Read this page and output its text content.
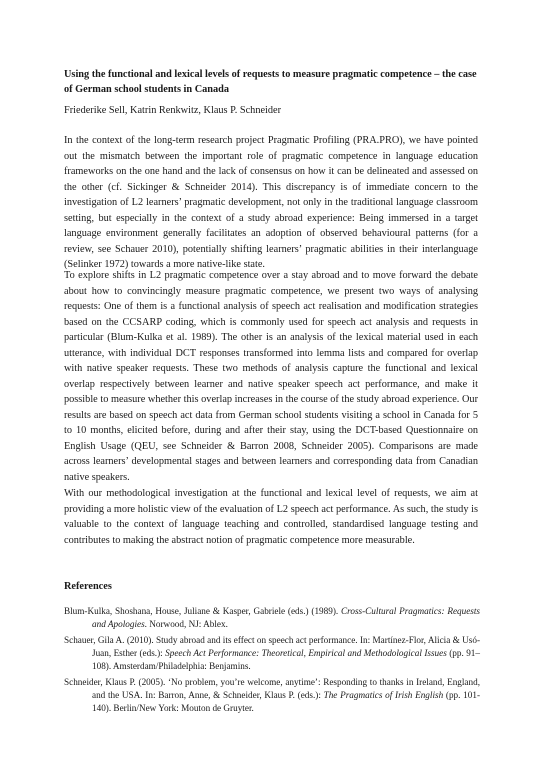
Using the functional and lexical levels of requests to measure pragmatic competence – the case of German school students in Canada

Friederike Sell, Katrin Renkwitz, Klaus P. Schneider

In the context of the long-term research project Pragmatic Profiling (PRA.PRO), we have pointed out the mismatch between the important role of pragmatic competence in language education frameworks on the one hand and the lack of consensus on how it can be delineated and assessed on the other (cf. Sickinger & Schneider 2014). This discrepancy is of immediate concern to the investigation of L2 learners’ pragmatic development, not only in the traditional language classroom setting, but especially in the context of a study abroad experience: Being immersed in a target language environment generally facilitates an adoption of observed behavioural patterns (for a review, see Schauer 2010), potentially shifting learners’ pragmatic abilities in their interlanguage (Selinker 1972) towards a more native-like state.

To explore shifts in L2 pragmatic competence over a stay abroad and to move forward the debate about how to convincingly measure pragmatic competence, we present two ways of analysing requests: One of them is a functional analysis of speech act realisation and modification strategies based on the CCSARP coding, which is commonly used for speech act analysis and requests in particular (Blum-Kulka et al. 1989). The other is an analysis of the lexical material used in each utterance, with individual DCT responses transformed into lemma lists and compared for overlap with native speaker requests. These two methods of analysis capture the functional and lexical overlap respectively between learner and native speaker speech act performance, and make it possible to measure whether this overlap increases in the course of the study abroad experience. Our results are based on speech act data from German school students visiting a school in Canada for 5 to 10 months, elicited before, during and after their stay, using the DCT-based Questionnaire on English Usage (QEU, see Schneider & Barron 2008, Schneider 2005). Comparisons are made across learners’ developmental stages and between learners and corresponding data from Canadian native speakers.

With our methodological investigation at the functional and lexical level of requests, we aim at providing a more holistic view of the evaluation of L2 speech act performance. As such, the study is valuable to the context of language teaching and controlled, standardised language testing and contributes to making the abstract notion of pragmatic competence more measurable.

References
Blum-Kulka, Shoshana, House, Juliane & Kasper, Gabriele (eds.) (1989). Cross-Cultural Pragmatics: Requests and Apologies. Norwood, NJ: Ablex.
Schauer, Gila A. (2010). Study abroad and its effect on speech act performance. In: Martínez-Flor, Alicia & Usó-Juan, Esther (eds.): Speech Act Performance: Theoretical, Empirical and Methodological Issues (pp. 91–108). Amsterdam/Philadelphia: Benjamins.
Schneider, Klaus P. (2005). ‘No problem, you’re welcome, anytime’: Responding to thanks in Ireland, England, and the USA. In: Barron, Anne, & Schneider, Klaus P. (eds.): The Pragmatics of Irish English (pp. 101-140). Berlin/New York: Mouton de Gruyter.
